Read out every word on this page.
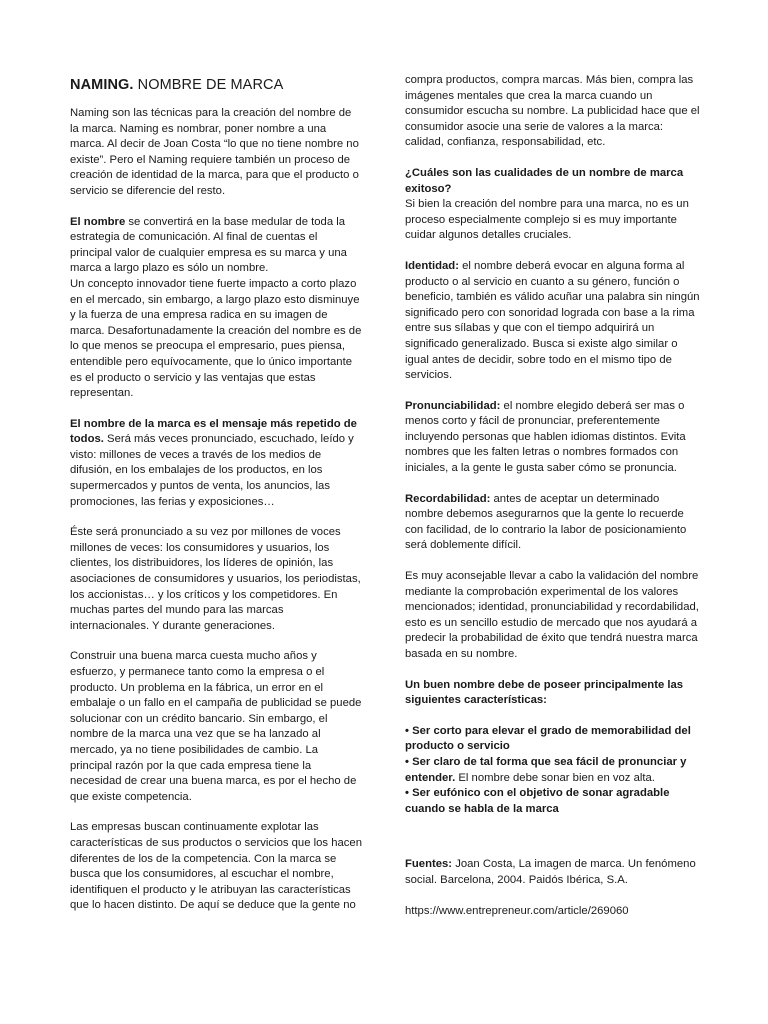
NAMING. NOMBRE DE MARCA

Naming son las técnicas para la creación del nombre de la marca. Naming es nombrar, poner nombre a una marca. Al decir de Joan Costa “lo que no tiene nombre no existe”. Pero el Naming requiere también un proceso de creación de identidad de la marca, para que el producto o servicio se diferencie del resto.

El nombre se convertirá en la base medular de toda la estrategia de comunicación. Al final de cuentas el principal valor de cualquier empresa es su marca y una marca a largo plazo es sólo un nombre.

Un concepto innovador tiene fuerte impacto a corto plazo en el mercado, sin embargo, a largo plazo esto disminuye y la fuerza de una empresa radica en su imagen de marca. Desafortunadamente la creación del nombre es de lo que menos se preocupa el empresario, pues piensa, entendible pero equívocamente, que lo único importante es el producto o servicio y las ventajas que estas representan.

El nombre de la marca es el mensaje más repetido de todos. Será más veces pronunciado, escuchado, leído y visto: millones de veces a través de los medios de difusión, en los embalajes de los productos, en los supermercados y puntos de venta, los anuncios, las promociones, las ferias y exposiciones…

Éste será pronunciado a su vez por millones de voces millones de veces: los consumidores y usuarios, los clientes, los distribuidores, los líderes de opinión, las asociaciones de consumidores y usuarios, los periodistas, los accionistas… y los críticos y los competidores. En muchas partes del mundo para las marcas internacionales. Y durante generaciones.

Construir una buena marca cuesta mucho años y esfuerzo, y permanece tanto como la empresa o el producto. Un problema en la fábrica, un error en el embalaje o un fallo en el campaña de publicidad se puede solucionar con un crédito bancario. Sin embargo, el nombre de la marca una vez que se ha lanzado al mercado, ya no tiene posibilidades de cambio. La principal razón por la que cada empresa tiene la necesidad de crear una buena marca, es por el hecho de que existe competencia.

Las empresas buscan continuamente explotar las características de sus productos o servicios que los hacen diferentes de los de la competencia. Con la marca se busca que los consumidores, al escuchar el nombre, identifiquen el producto y le atribuyan las características que lo hacen distinto. De aquí se deduce que la gente no

compra productos, compra marcas. Más bien, compra las imágenes mentales que crea la marca cuando un consumidor escucha su nombre. La publicidad hace que el consumidor asocie una serie de valores a la marca: calidad, confianza, responsabilidad, etc.

¿Cuáles son las cualidades de un nombre de marca exitoso?

Si bien la creación del nombre para una marca, no es un proceso especialmente complejo si es muy importante cuidar algunos detalles cruciales.

Identidad: el nombre deberá evocar en alguna forma al producto o al servicio en cuanto a su género, función o beneficio, también es válido acuñar una palabra sin ningún significado pero con sonoridad lograda con base a la rima entre sus sílabas y que con el tiempo adquirirá un significado generalizado. Busca si existe algo similar o igual antes de decidir, sobre todo en el mismo tipo de servicios.

Pronunciabilidad: el nombre elegido deberá ser mas o menos corto y fácil de pronunciar, preferentemente incluyendo personas que hablen idiomas distintos. Evita nombres que les falten letras o nombres formados con iniciales, a la gente le gusta saber cómo se pronuncia.

Recordabilidad: antes de aceptar un determinado nombre debemos asegurarnos que la gente lo recuerde con facilidad, de lo contrario la labor de posicionamiento será doblemente difícil.

Es muy aconsejable llevar a cabo la validación del nombre mediante la comprobación experimental de los valores mencionados; identidad, pronunciabilidad y recordabilidad, esto es un sencillo estudio de mercado que nos ayudará a predecir la probabilidad de éxito que tendrá nuestra marca basada en su nombre.

Un buen nombre debe de poseer principalmente las siguientes características:

• Ser corto para elevar el grado de memorabilidad del producto o servicio

• Ser claro de tal forma que sea fácil de pronunciar y entender. El nombre debe sonar bien en voz alta.

• Ser eufónico con el objetivo de sonar agradable cuando se habla de la marca

Fuentes: Joan Costa, La imagen de marca. Un fenómeno social. Barcelona, 2004. Paidós Ibérica, S.A.

https://www.entrepreneur.com/article/269060
